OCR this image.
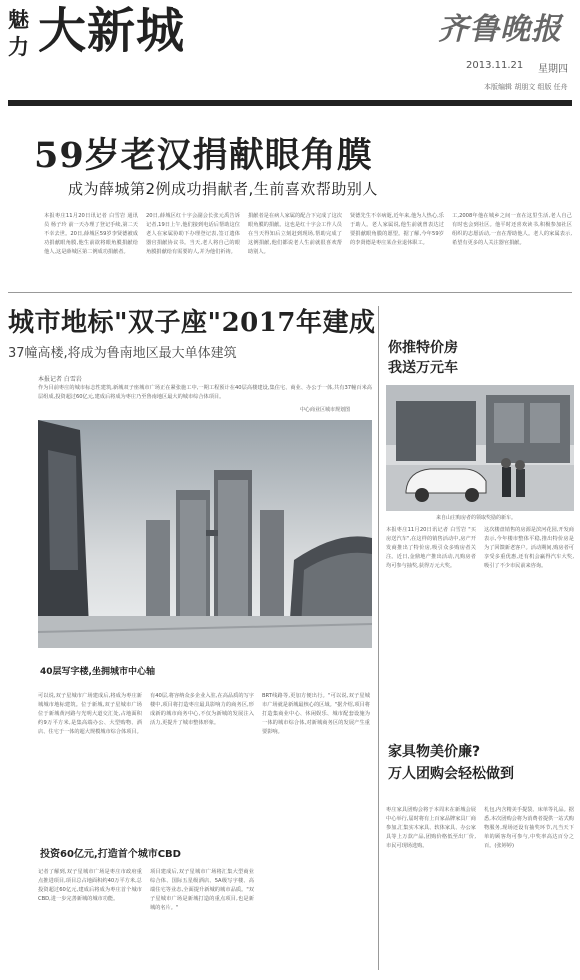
魅力 大新城	齐鲁晚报
2013.11.21 星期四
本版编辑 胡朋文 组版 任舟
59岁老汉捐献眼角膜
成为薛城第2例成功捐献者,生前喜欢帮助别人
本报枣庄11月20日讯记者 白雪岩 通讯员 杨子玲 前一天办理了登记手续,第二天不幸去世。20日,薛城区59岁李贤德被成功捐献眼角膜,他生前欲将眼角膜捐献给他人,这是薛城区第二例成功捐献者。
20日,薛城区红十字会副会长张元禹告诉记者,19日上午,他们接到电话后帮助这位老人在家属协助下办理登记表,签订遗体器官捐献协议书。当天,老人将自己的眼角膜捐献给有需要的人,并为他们祈祷。
捐献者是在病人家属的配合下完成了这次眼角膜的捐献。这也是红十字会工作人员在当天得知后立刻赶到现场,帮助完成了这例捐献,他们都说老人生前就很喜欢帮助别人。
贤德先生不幸病逝,近年来,他为人热心,乐于助人。老人家属说,他生前就曾表达过要捐献眼角膜的愿望。据了解,今年59岁的李贤德是枣庄某企业退休职工。
工,2008年他在城乡之间一直在这里生活,老人自己有时也会到社区。他平时还喜欢读书,积极参加社区组织的志愿活动,一直在帮助他人。老人的家属表示,希望有更多的人关注器官捐献。
城市地标"双子座"2017年建成
37幢高楼,将成为鲁南地区最大单体建筑
本报记者 白雪岩
作为目前枣庄的城市标志性建筑,新城双子座城市广场正在紧张施工中,一期工程预计在40层高楼建设,集住宅、商业、办公于一体,共有37幢百米高层组成,投资超过60亿元,建成后将成为枣庄乃至鲁南地区最大的城市综合体项目。
中心商业区城市规划图
40层写字楼,坐拥城市中心轴
可以说,双子星城市广场建成后,将成为枣庄新城城市地标建筑。位于新城,双子星城市广场位于新城黄河路与光明大道交汇处,占地面积约9万平方米,是集高端办公、大型购物、酒店、住宅于一体的超大规模城市综合体项目。
有40层,将容纳众多企业入驻,在高品质的写字楼中,项目将打造枣庄最具影响力的商务区,形成新的城市商务中心,不仅为新城的发展注入活力,更提升了城市整体形象。
BRT线路等,更加方便出行。"可以说,双子星城市广场就是新城最核心的区域。"据介绍,项目将打造集商业中心、休闲娱乐、城市配套设施为一体的城市综合体,对新城商务区的发展产生重要影响。
投资60亿元,打造首个城市CBD
记者了解到,双子星城市广场是枣庄市政府重点推进项目,项目总占地面积约40万平方米,总投资超过60亿元,建成后将成为枣庄首个城市CBD,进一步完善新城的城市功能。
项目建成后,双子星城市广场将汇集大型商业综合体、国际五星级酒店、5A级写字楼、高端住宅等业态,全面提升新城的城市品质。"双子星城市广场是新城打造的重点项目,也是新城的名片。"
你推特价房
我送万元车
来自山庄购房者的领取奖励的新车。
本报枣庄11月20日讯记者 白雪岩 "买房送汽车",在这样的销售活动中,房产开发商推出了特价房,吸引众多购房者关注。近日,金鼎地产推出活动,凡购房者均可参与抽奖,获得万元大奖。
这次楼盘销售的房源是滨河花园,开发商表示,今年楼市整体平稳,推出特价房是为了回馈新老客户。活动期间,购房者可享受多重优惠,还有机会赢得汽车大奖,吸引了不少市民前来咨询。
家具物美价廉?
万人团购会轻松做到
枣庄家具团购会将于本周末在新城会展中心举行,届时将有上百家品牌家具厂商参加,汇集实木家具、软体家具、办公家具等上万款产品,团购价格低至出厂价,市民可现场选购。
札包,内含精美手提袋、床单等礼品。据悉,本次团购会将为消费者提供一站式购物服务,现场还设有抽奖环节,凡当天下单的顾客均可参与,中奖率高达百分之百。(张婷婷)
